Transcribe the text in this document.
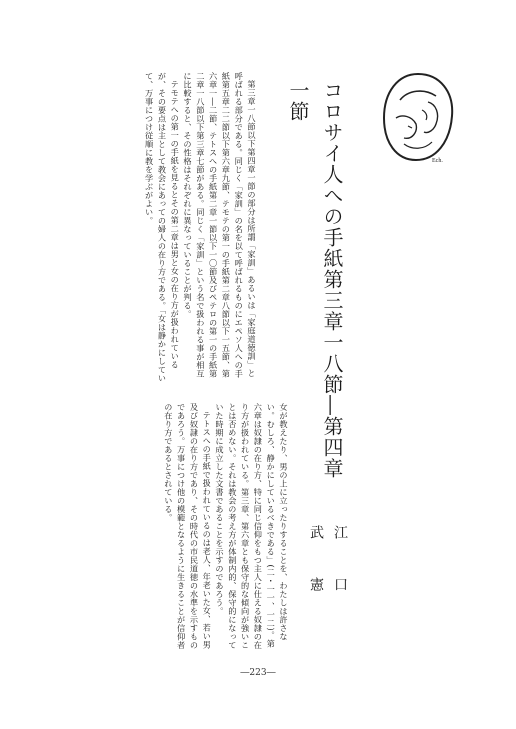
コロサイ人への手紙第三章一八節―第四章一節
Ech.
江　口　武　憲

第三章一八節以下第四章一節の部分は所謂「家訓」あるいは「家庭道徳訓」と呼ばれる部分である。同じく「家訓」の名を以て呼ばれるものにエペソ人への手紙第五章二二節以下第六章九節、テモテの第一の手紙第二章八節以下一五節、第六章一―二節、テトスへの手紙第二章一節以下一〇節及びペテロの第一の手紙第二章一八節以下第三章七節がある。同じく「家訓」という名で扱われる事が相互に比較すると、その性格はそれぞれに異なっていることが判る。

テモテへの第一の手紙を見るとその第二章は男と女の在り方が扱われているが、その要点は主として教会にあっての婦人の在り方である。「女は静かにしていて、万事につけ従順に教を学ぶがよい。

女が教えたり、男の上に立ったりすることを、わたしは許さない。むしろ、静かにしているべきである」(二・一一、一二)。第六章は奴隷の在り方、特に同じ信仰をもつ主人に仕える奴隷の在り方が扱われている。第三章、第六章とも保守的な傾向が強いことは否めない。それは教会の考え方が体制内的、保守的になっていた時期に成立した文書であることを示すのであろう。

テトスへの手紙で扱われているのは老人、年老いた女、若い男及び奴隷の在り方であり、その時代の市民道徳の水準を示すものであろう。万事につけ他の模範となるように生きることが信仰者の在り方であるとされている。

―223―
